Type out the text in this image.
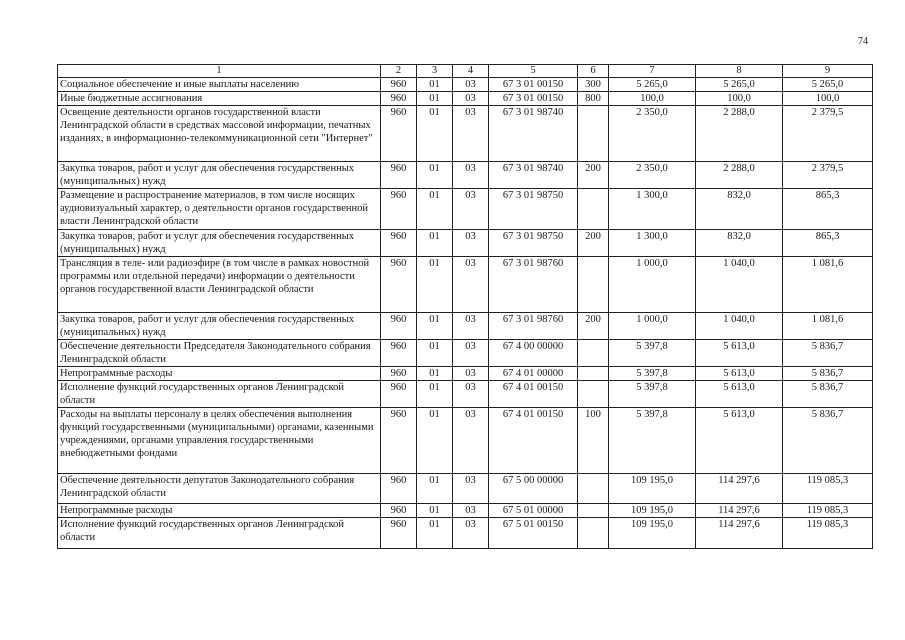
74
1	2	3	4	5	6	7	8	9
Социальное обеспечение и иные выплаты населению	960	01	03	67 3 01 00150	300	5 265,0	5 265,0	5 265,0
Иные бюджетные ассигнования	960	01	03	67 3 01 00150	800	100,0	100,0	100,0
Освещение деятельности органов государственной власти Ленинградской области в средствах массовой информации, печатных изданиях, в информационно-телекоммуникационной сети "Интернет"	960	01	03	67 3 01 98740		2 350,0	2 288,0	2 379,5
Закупка товаров, работ и услуг для обеспечения государственных (муниципальных) нужд	960	01	03	67 3 01 98740	200	2 350,0	2 288,0	2 379,5
Размещение и распространение материалов, в том числе носящих аудиовизуальный характер, о деятельности органов государственной власти Ленинградской области	960	01	03	67 3 01 98750		1 300,0	832,0	865,3
Закупка товаров, работ и услуг для обеспечения государственных (муниципальных) нужд	960	01	03	67 3 01 98750	200	1 300,0	832,0	865,3
Трансляция в теле- или радиоэфире (в том числе в рамках новостной программы или отдельной передачи) информации о деятельности органов государственной власти Ленинградской области	960	01	03	67 3 01 98760		1 000,0	1 040,0	1 081,6
Закупка товаров, работ и услуг для обеспечения государственных (муниципальных) нужд	960	01	03	67 3 01 98760	200	1 000,0	1 040,0	1 081,6
Обеспечение деятельности Председателя Законодательного собрания Ленинградской области	960	01	03	67 4 00 00000		5 397,8	5 613,0	5 836,7
Непрограммные расходы	960	01	03	67 4 01 00000		5 397,8	5 613,0	5 836,7
Исполнение функций государственных органов Ленинградской области	960	01	03	67 4 01 00150		5 397,8	5 613,0	5 836,7
Расходы на выплаты персоналу в целях обеспечения выполнения функций государственными (муниципальными) органами, казенными учреждениями, органами управления государственными внебюджетными фондами	960	01	03	67 4 01 00150	100	5 397,8	5 613,0	5 836,7
Обеспечение деятельности депутатов Законодательного собрания Ленинградской области	960	01	03	67 5 00 00000		109 195,0	114 297,6	119 085,3
Непрограммные расходы	960	01	03	67 5 01 00000		109 195,0	114 297,6	119 085,3
Исполнение функций государственных органов Ленинградской области	960	01	03	67 5 01 00150		109 195,0	114 297,6	119 085,3
